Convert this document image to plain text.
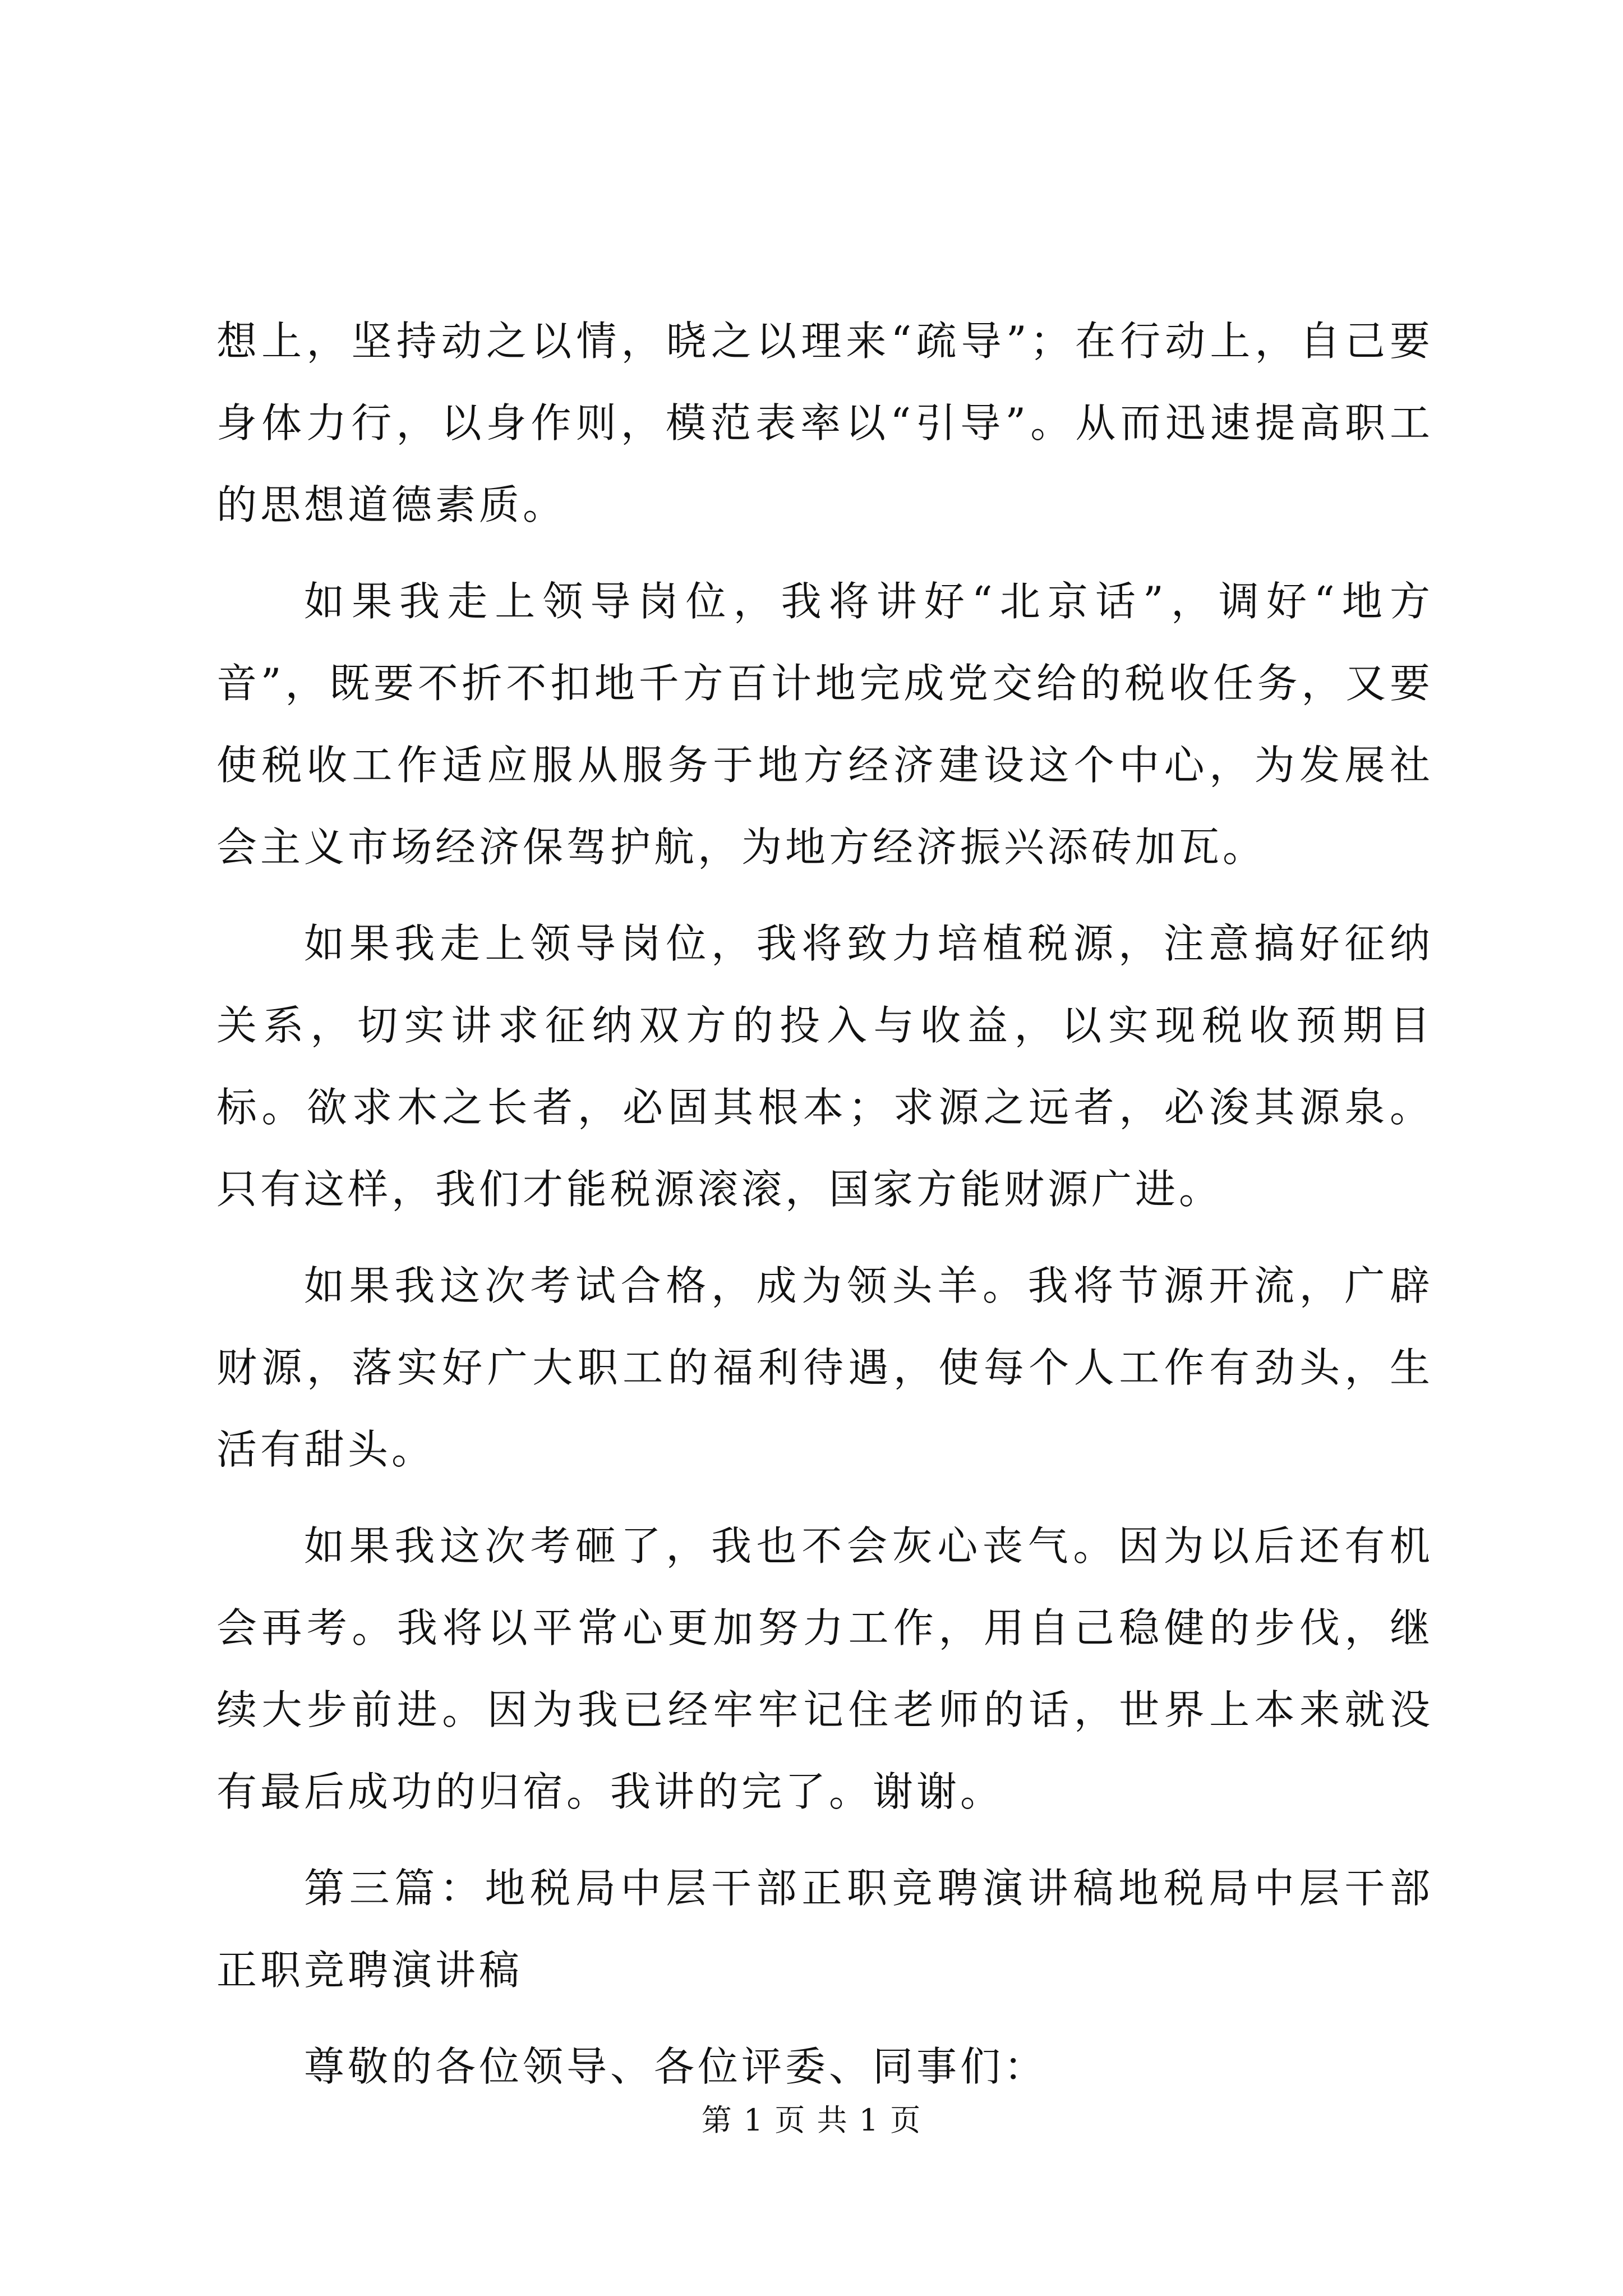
想上，坚持动之以情，晓之以理来“疏导”；在行动上，自己要身体力行，以身作则，模范表率以“引导”。从而迅速提高职工的思想道德素质。

如果我走上领导岗位，我将讲好“北京话”，调好“地方音”，既要不折不扣地千方百计地完成党交给的税收任务，又要使税收工作适应服从服务于地方经济建设这个中心，为发展社会主义市场经济保驾护航，为地方经济振兴添砖加瓦。

如果我走上领导岗位，我将致力培植税源，注意搞好征纳关系，切实讲求征纳双方的投入与收益，以实现税收预期目标。欲求木之长者，必固其根本；求源之远者，必浚其源泉。只有这样，我们才能税源滚滚，国家方能财源广进。

如果我这次考试合格，成为领头羊。我将节源开流，广辟财源，落实好广大职工的福利待遇，使每个人工作有劲头，生活有甜头。

如果我这次考砸了，我也不会灰心丧气。因为以后还有机会再考。我将以平常心更加努力工作，用自己稳健的步伐，继续大步前进。因为我已经牢牢记住老师的话，世界上本来就没有最后成功的归宿。我讲的完了。谢谢。

第三篇：地税局中层干部正职竞聘演讲稿地税局中层干部正职竞聘演讲稿

尊敬的各位领导、各位评委、同事们：

第 1 页 共 1 页
